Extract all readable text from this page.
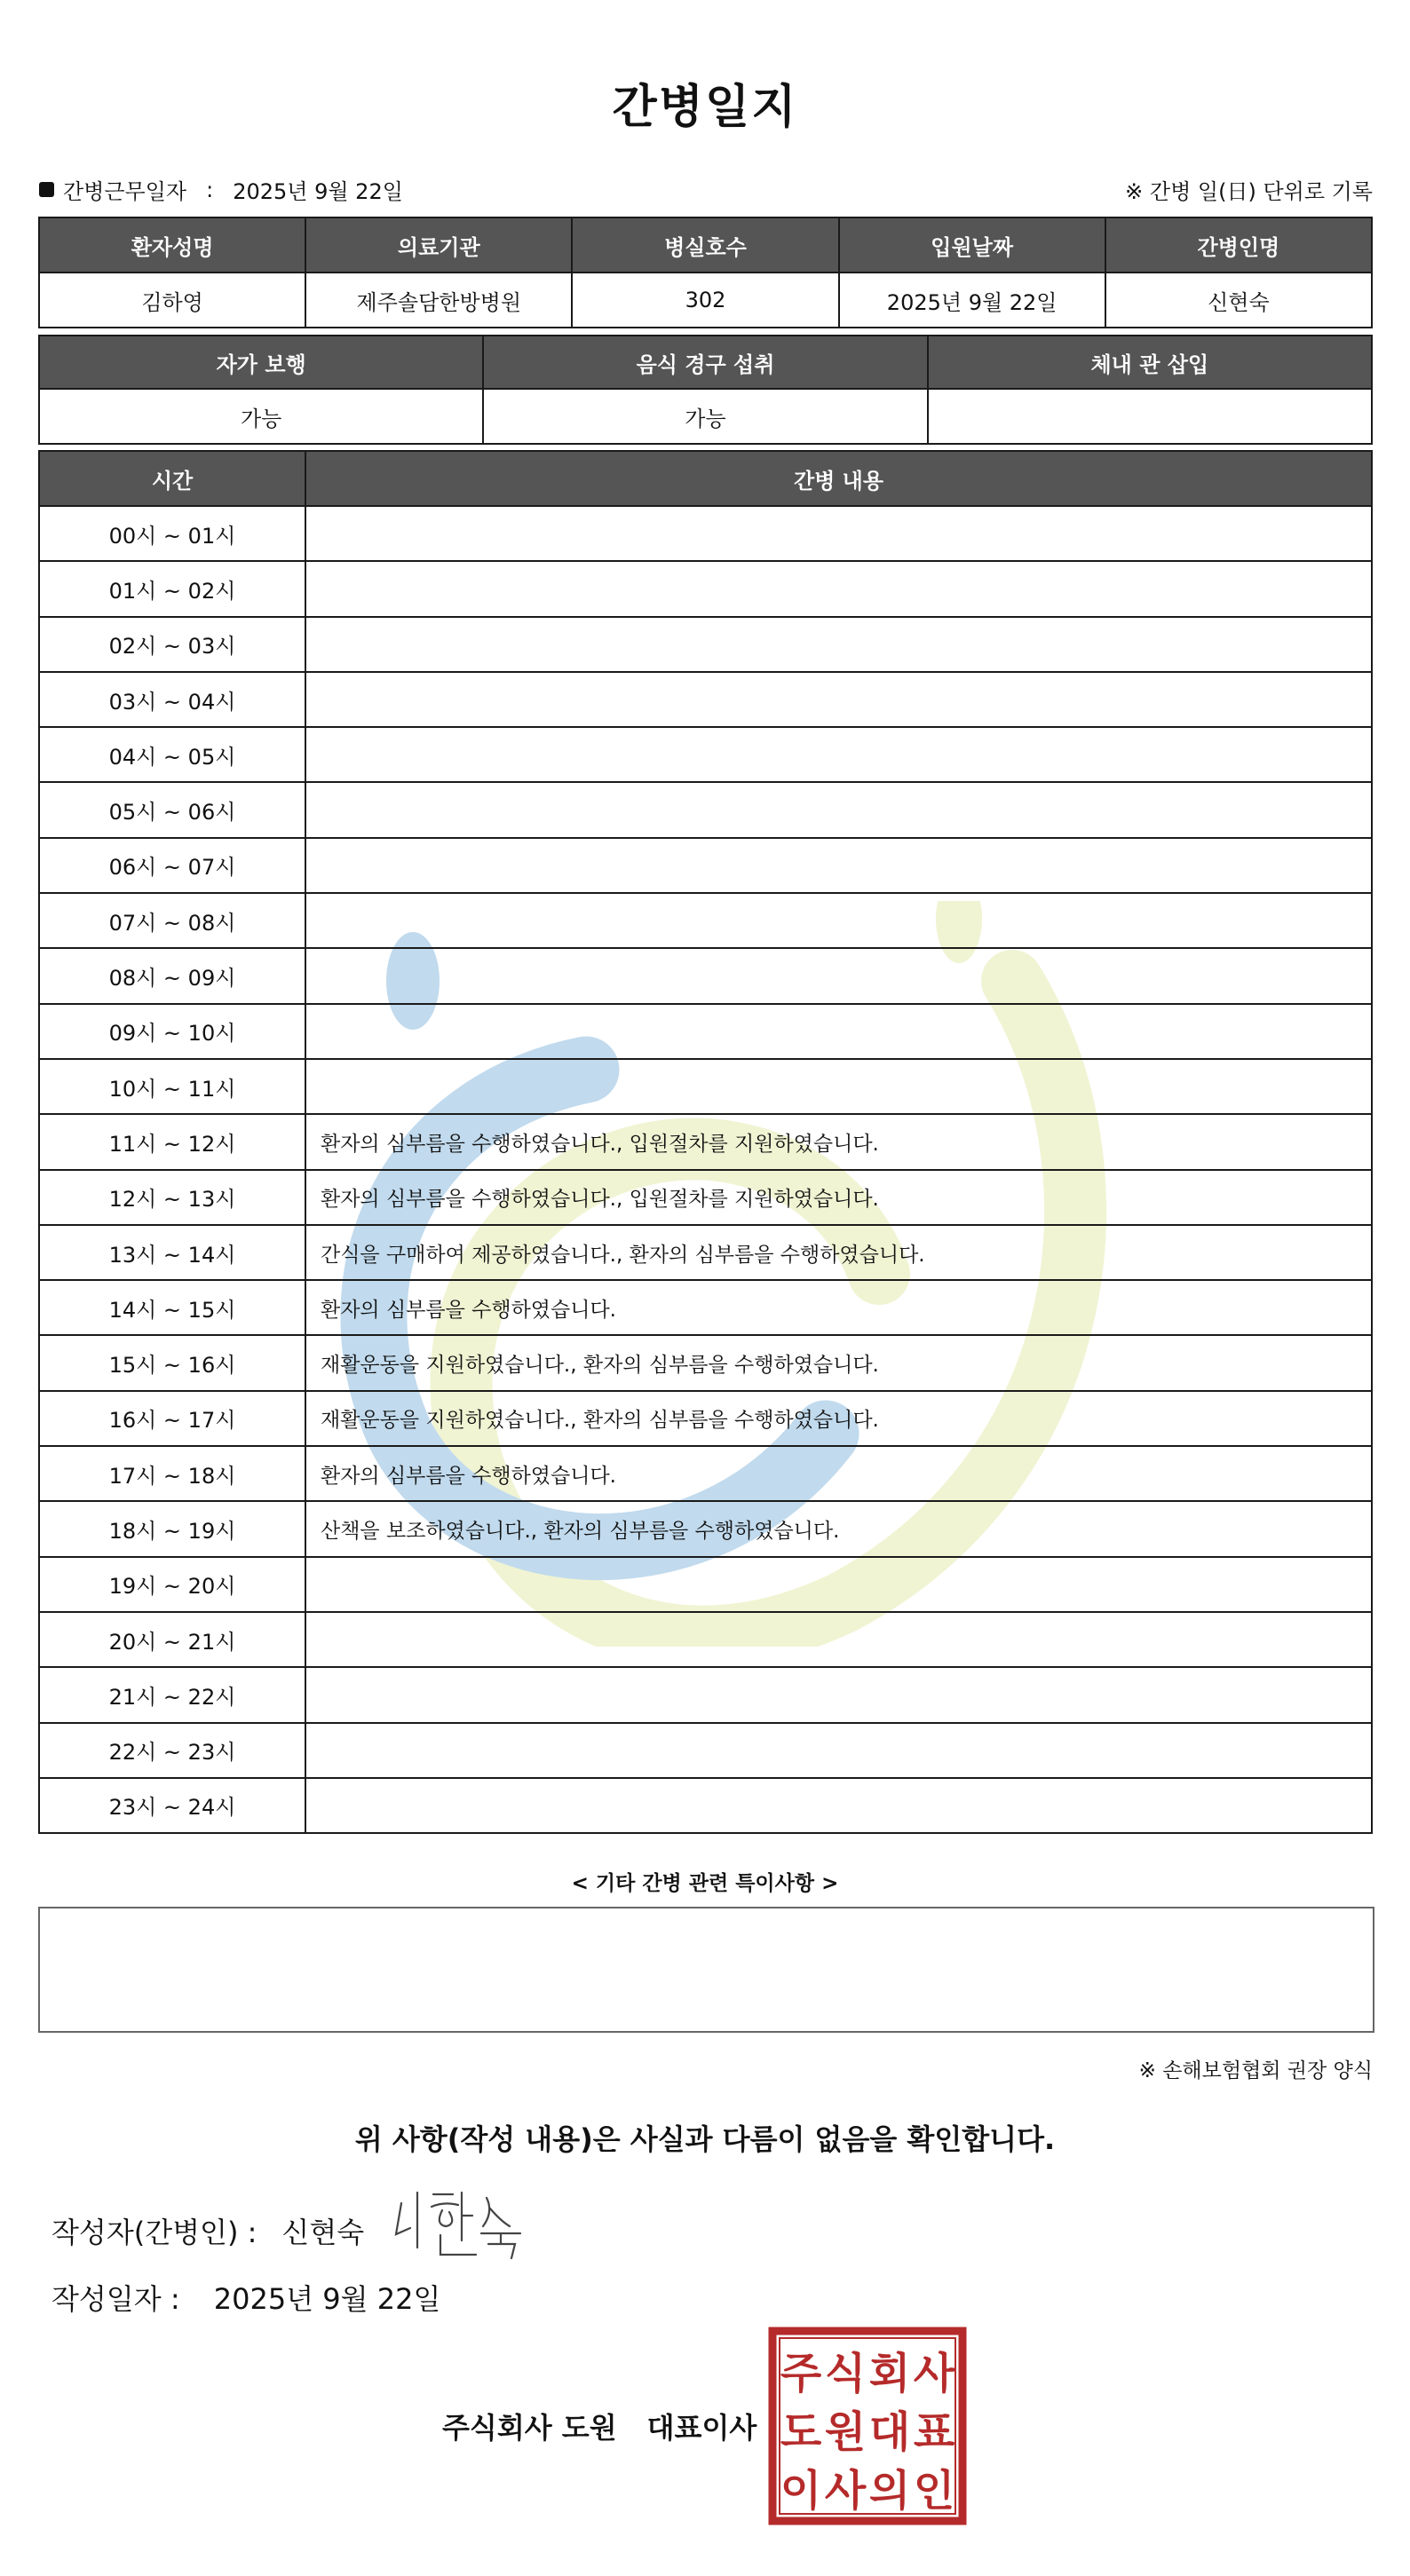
간병일지
간병근무일자 : 2025년 9월 22일	※ 간병 일(日) 단위로 기록
환자성명	의료기관	병실호수	입원날짜	간병인명
김하영	제주솔담한방병원	302	2025년 9월 22일	신현숙
자가 보행	음식 경구 섭취	체내 관 삽입
가능	가능	
시간	간병 내용
00시 ~ 01시	
01시 ~ 02시	
02시 ~ 03시	
03시 ~ 04시	
04시 ~ 05시	
05시 ~ 06시	
06시 ~ 07시	
07시 ~ 08시	
08시 ~ 09시	
09시 ~ 10시	
10시 ~ 11시	
11시 ~ 12시	환자의 심부름을 수행하였습니다., 입원절차를 지원하였습니다.
12시 ~ 13시	환자의 심부름을 수행하였습니다., 입원절차를 지원하였습니다.
13시 ~ 14시	간식을 구매하여 제공하였습니다., 환자의 심부름을 수행하였습니다.
14시 ~ 15시	환자의 심부름을 수행하였습니다.
15시 ~ 16시	재활운동을 지원하였습니다., 환자의 심부름을 수행하였습니다.
16시 ~ 17시	재활운동을 지원하였습니다., 환자의 심부름을 수행하였습니다.
17시 ~ 18시	환자의 심부름을 수행하였습니다.
18시 ~ 19시	산책을 보조하였습니다., 환자의 심부름을 수행하였습니다.
19시 ~ 20시	
20시 ~ 21시	
21시 ~ 22시	
22시 ~ 23시	
23시 ~ 24시	
< 기타 간병 관련 특이사항 >
※ 손해보험협회 권장 양식
위 사항(작성 내용)은 사실과 다름이 없음을 확인합니다.
작성자(간병인) : 신현숙
작성일자 : 2025년 9월 22일
주식회사 도원 대표이사
주 식 회 사
도 원 대 표
이 사 의 인
